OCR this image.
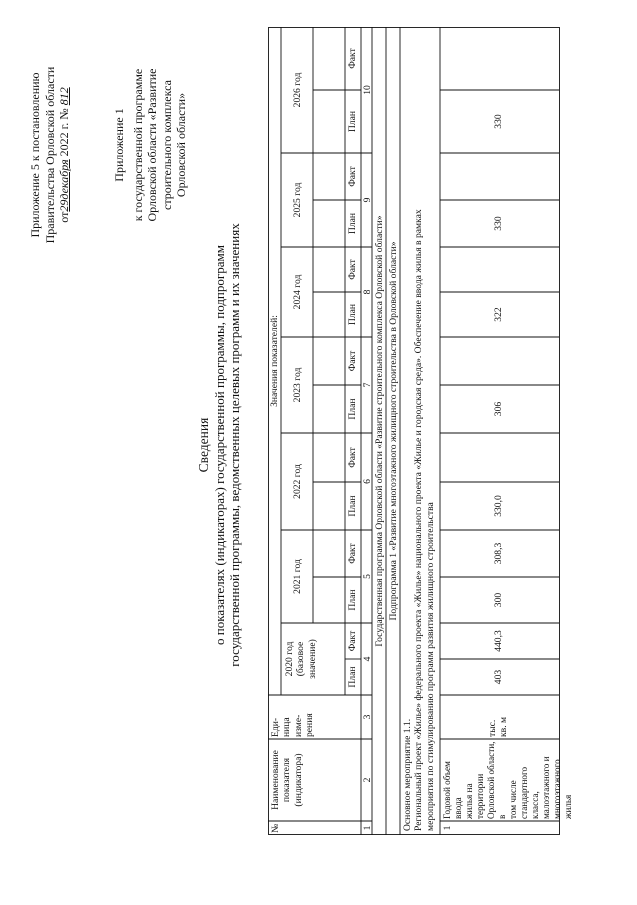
Приложение 5 к постановлению Правительства Орловской области от29декабря 2022 г. № 812
Приложение 1 к государственной программе Орловской области «Развитие строительного комплекса Орловской области»
Сведения о показателях (индикаторах) государственной программы, подпрограмм государственной программы, ведомственных целевых программ и их значениях
№
Наименование показателя (индикатора)
Еди- ница изме- рения
Значения показателей:
2020 год (базовое значение)
2021 год
2022 год
2023 год
2024 год
2025 год
2026 год
План
Факт
План
Факт
План
Факт
План
Факт
План
Факт
План
Факт
План
Факт
1
2
3
4
5
6
7
8
9
10
Государственная программа Орловской области «Развитие строительного комплекса Орловской области» Подпрограмма 1 «Развитие многоэтажного жилищного строительства в Орловской области»
Основное мероприятие 1.1. Региональный проект «Жилье» федерального проекта «Жилье» национального проекта «Жилье и городская среда». Обеспечение ввода жилья в рамках мероприятия по стимулированию программ развития жилищного строительства 1
Годовой объем ввода жилья на территории Орловской области, в том числе стандартного класса, малоэтажного и многоэтажного жилья
тыс. кв. м
403
440,3
300
308,3
330,0
306
322
330
330
